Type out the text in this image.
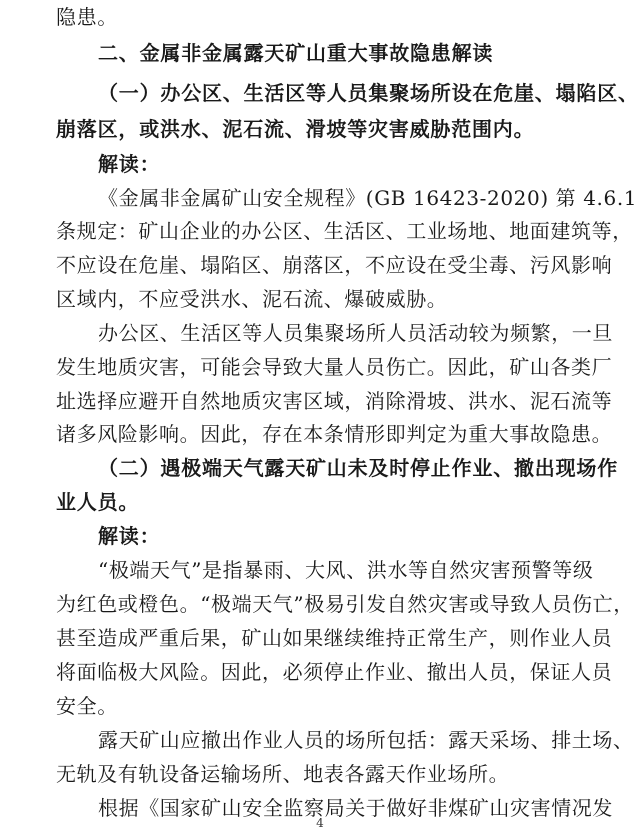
隐患。
二、金属非金属露天矿山重大事故隐患解读
（一）办公区、生活区等人员集聚场所设在危崖、塌陷区、
崩落区，或洪水、泥石流、滑坡等灾害威胁范围内。
解读：
《金属非金属矿山安全规程》(GB 16423-2020) 第 4.6.1
条规定：矿山企业的办公区、生活区、工业场地、地面建筑等，
不应设在危崖、塌陷区、崩落区，不应设在受尘毒、污风影响
区域内，不应受洪水、泥石流、爆破威胁。
办公区、生活区等人员集聚场所人员活动较为频繁，一旦
发生地质灾害，可能会导致大量人员伤亡。因此，矿山各类厂
址选择应避开自然地质灾害区域，消除滑坡、洪水、泥石流等
诸多风险影响。因此，存在本条情形即判定为重大事故隐患。
（二）遇极端天气露天矿山未及时停止作业、撤出现场作
业人员。
解读：
“极端天气”是指暴雨、大风、洪水等自然灾害预警等级
为红色或橙色。“极端天气”极易引发自然灾害或导致人员伤亡，
甚至造成严重后果，矿山如果继续维持正常生产，则作业人员
将面临极大风险。因此，必须停止作业、撤出人员，保证人员
安全。
露天矿山应撤出作业人员的场所包括：露天采场、排土场、
无轨及有轨设备运输场所、地表各露天作业场所。
根据《国家矿山安全监察局关于做好非煤矿山灾害情况发
4
